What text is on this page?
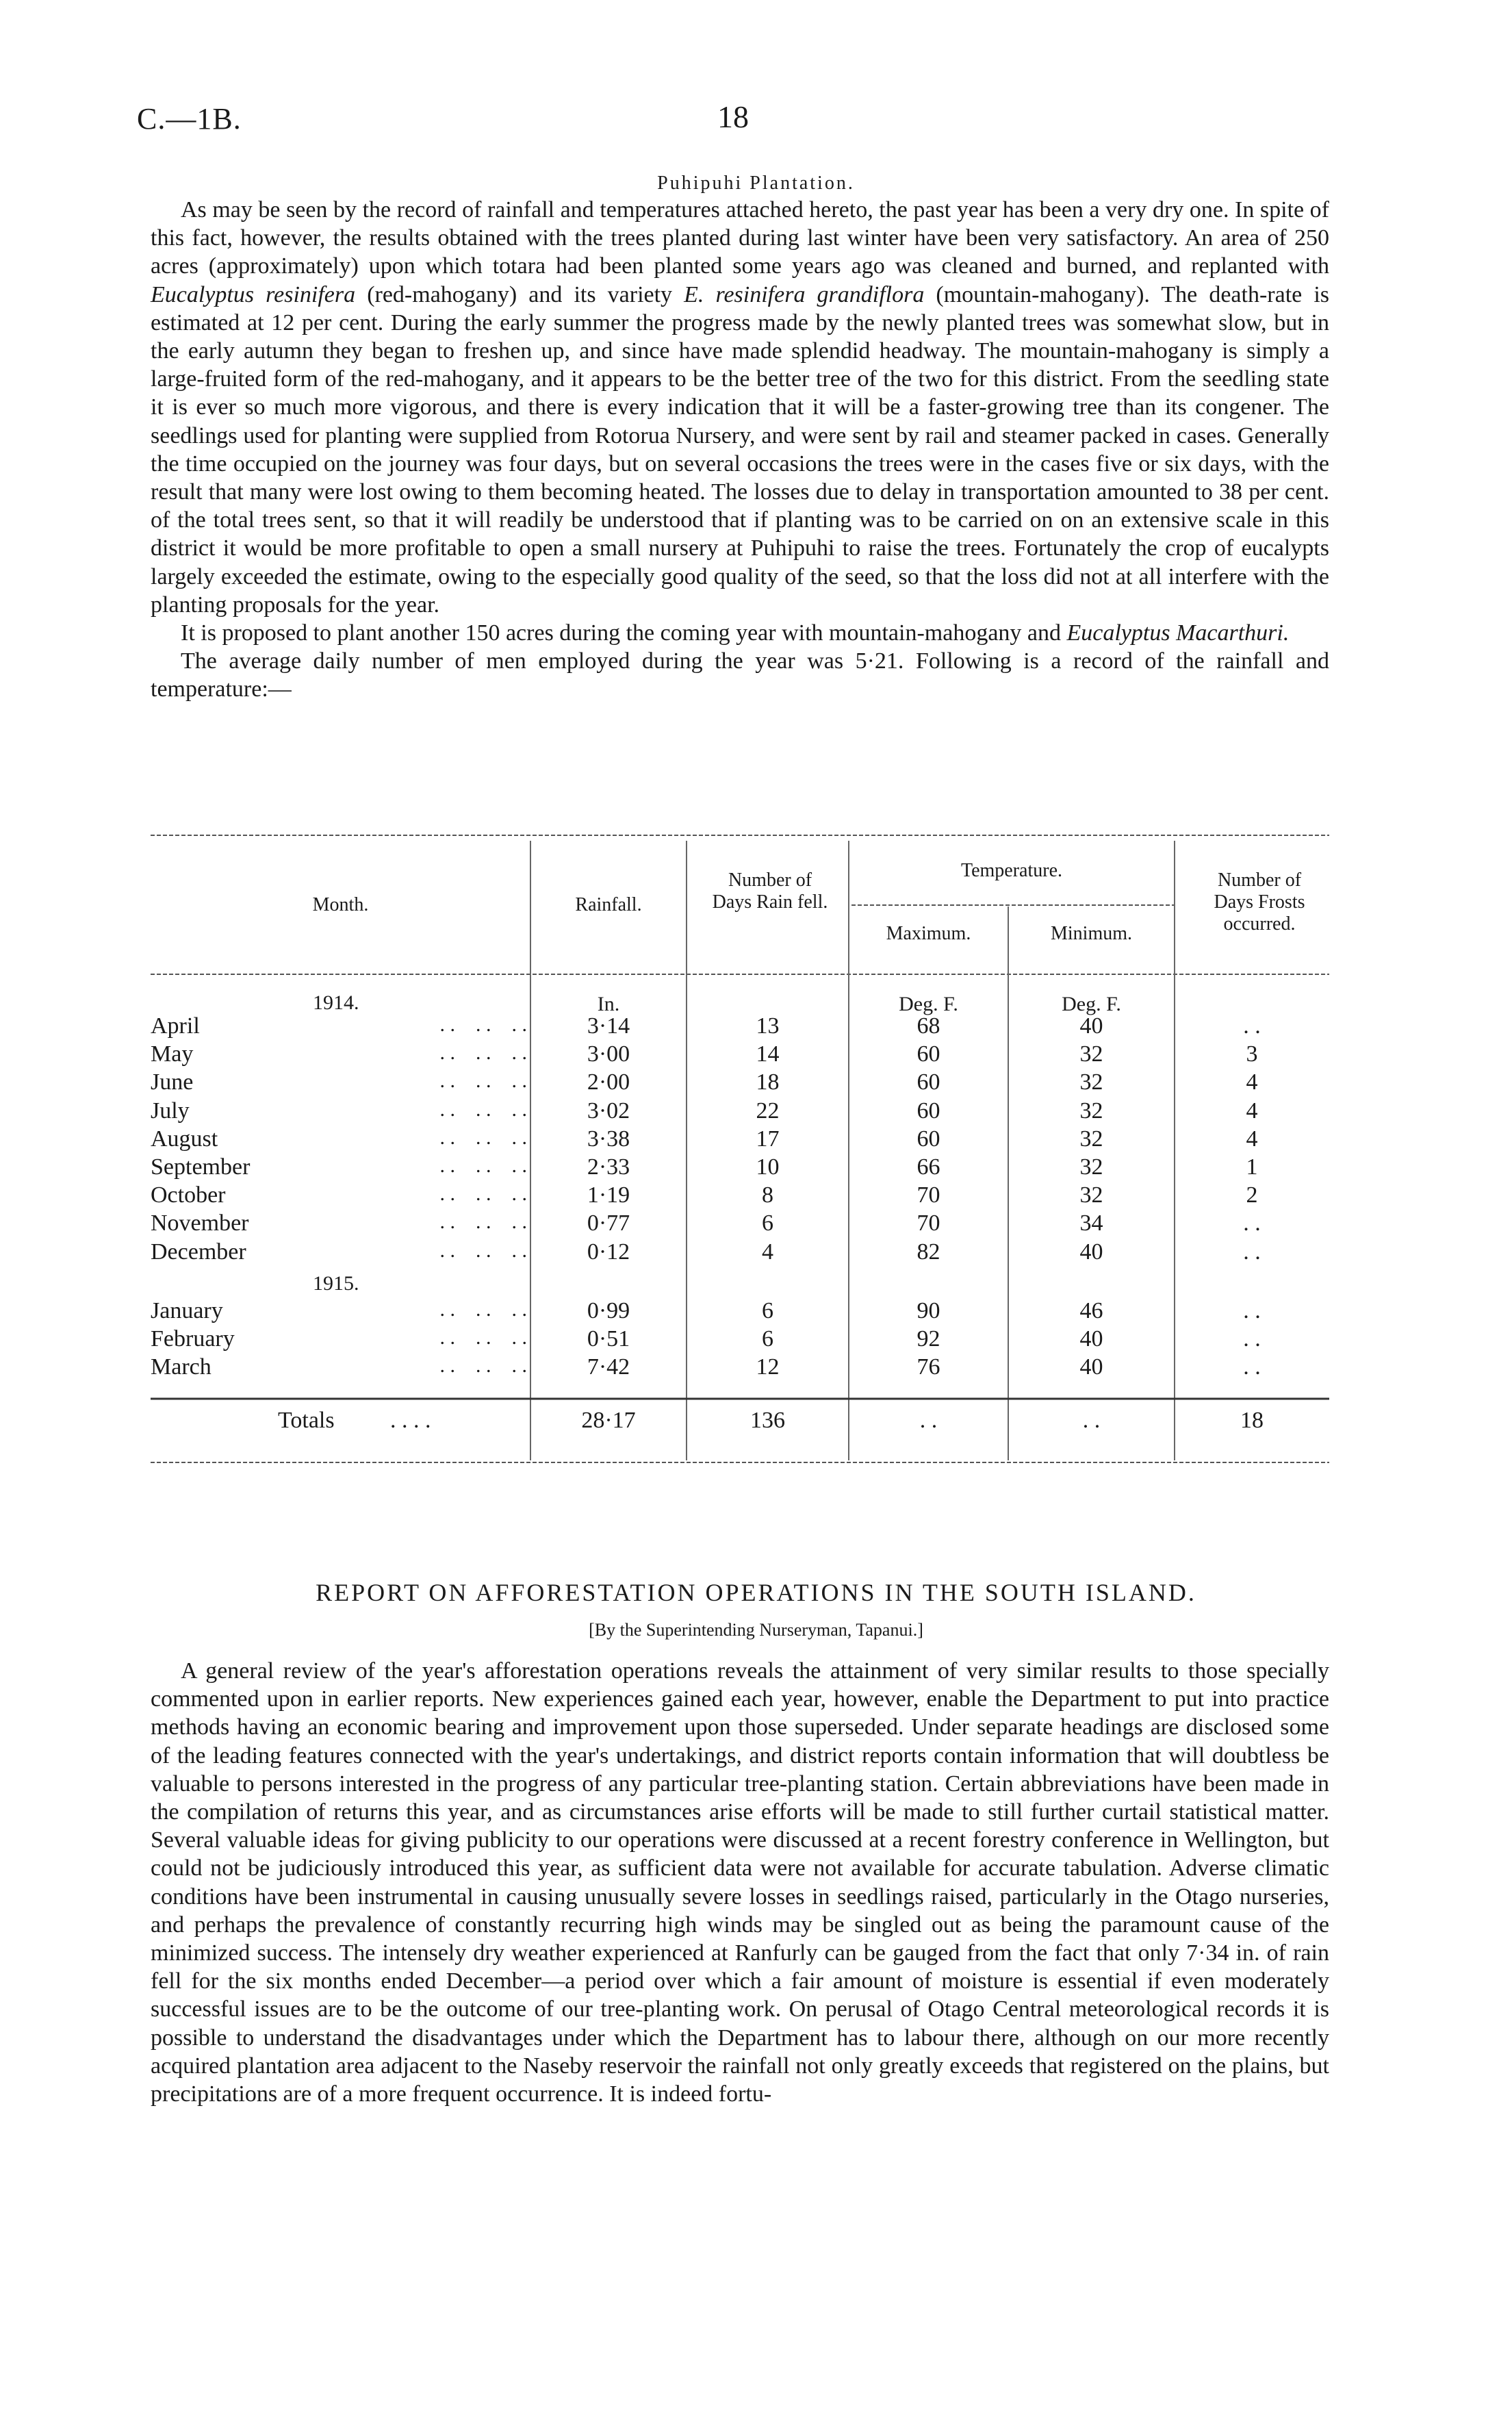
C.—1B.	18
Puhipuhi Plantation.

As may be seen by the record of rainfall and temperatures attached hereto, the past year has been a very dry one. In spite of this fact, however, the results obtained with the trees planted during last winter have been very satisfactory. An area of 250 acres (approximately) upon which totara had been planted some years ago was cleaned and burned, and replanted with Eucalyptus resinifera (red-mahogany) and its variety E. resinifera grandiflora (mountain-mahogany). The death-rate is estimated at 12 per cent. During the early summer the progress made by the newly planted trees was somewhat slow, but in the early autumn they began to freshen up, and since have made splendid headway. The mountain-mahogany is simply a large-fruited form of the red-mahogany, and it appears to be the better tree of the two for this district. From the seedling state it is ever so much more vigorous, and there is every indication that it will be a faster-growing tree than its congener. The seedlings used for planting were supplied from Rotorua Nursery, and were sent by rail and steamer packed in cases. Generally the time occupied on the journey was four days, but on several occasions the trees were in the cases five or six days, with the result that many were lost owing to them becoming heated. The losses due to delay in transportation amounted to 38 per cent. of the total trees sent, so that it will readily be understood that if planting was to be carried on on an extensive scale in this district it would be more profitable to open a small nursery at Puhipuhi to raise the trees. Fortunately the crop of eucalypts largely exceeded the estimate, owing to the especially good quality of the seed, so that the loss did not at all interfere with the planting proposals for the year.

It is proposed to plant another 150 acres during the coming year with mountain-mahogany and Eucalyptus Macarthuri.

The average daily number of men employed during the year was 5·21. Following is a record of the rainfall and temperature:—

Month.	Rainfall.
Number of Days Rain fell.
Temperature.
Maximum.	Minimum.
Number of Days Frosts occurred.
1914.	In.	Deg. F.	Deg. F.
April	. .    . .    . .	3·14	13	68	40	. .
May	. .    . .    . .	3·00	14	60	32	3
June	. .    . .    . .	2·00	18	60	32	4
July	. .    . .    . .	3·02	22	60	32	4
August	. .    . .    . .	3·38	17	60	32	4
September	. .    . .    . .	2·33	10	66	32	1
October	. .    . .    . .	1·19	8	70	32	2
November	. .    . .    . .	0·77	6	70	34	. .
December	. .    . .    . .	0·12	4	82	40	. .
1915.
January	. .    . .    . .	0·99	6	90	46	. .
February	. .    . .    . .	0·51	6	92	40	. .
March	. .    . .    . .	7·42	12	76	40	. .
Totals . . . .	28·17	136	. .	. .	18
REPORT ON AFFORESTATION OPERATIONS IN THE SOUTH ISLAND.
[By the Superintending Nurseryman, Tapanui.]

A general review of the year's afforestation operations reveals the attainment of very similar results to those specially commented upon in earlier reports. New experiences gained each year, however, enable the Department to put into practice methods having an economic bearing and improvement upon those superseded. Under separate headings are disclosed some of the leading features connected with the year's undertakings, and district reports contain information that will doubtless be valuable to persons interested in the progress of any particular tree-planting station. Certain abbreviations have been made in the compilation of returns this year, and as circumstances arise efforts will be made to still further curtail statistical matter. Several valuable ideas for giving publicity to our operations were discussed at a recent forestry conference in Wellington, but could not be judiciously introduced this year, as sufficient data were not available for accurate tabulation. Adverse climatic conditions have been instrumental in causing unusually severe losses in seedlings raised, particularly in the Otago nurseries, and perhaps the prevalence of constantly recurring high winds may be singled out as being the paramount cause of the minimized success. The intensely dry weather experienced at Ranfurly can be gauged from the fact that only 7·34 in. of rain fell for the six months ended December—a period over which a fair amount of moisture is essential if even moderately successful issues are to be the outcome of our tree-planting work. On perusal of Otago Central meteorological records it is possible to understand the disadvantages under which the Department has to labour there, although on our more recently acquired plantation area adjacent to the Naseby reservoir the rainfall not only greatly exceeds that registered on the plains, but precipitations are of a more frequent occurrence. It is indeed fortu-
